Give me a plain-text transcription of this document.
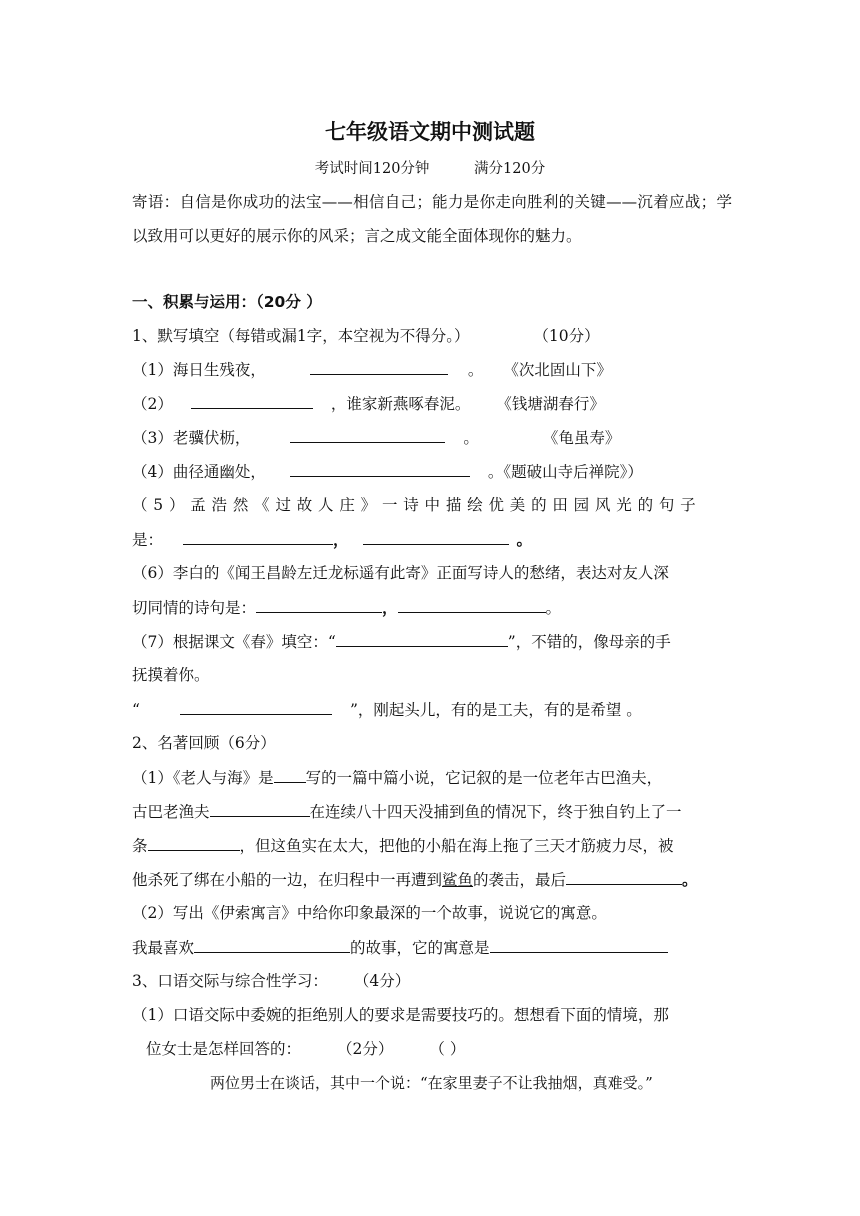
七年级语文期中测试题
考试时间120分钟	满分120分
寄语：自信是你成功的法宝——相信自己；能力是你走向胜利的关键——沉着应战；学以致用可以更好的展示你的风采；言之成文能全面体现你的魅力。
一、积累与运用：（20分 ）
1、默写填空（每错或漏1字，本空视为不得分。）	（10分）
（1）海日生残夜，	。 《次北固山下》
（2）	，谁家新燕啄春泥。 《钱塘湖春行》
（3）老骥伏枥，	。	《龟虽寿》
（4）曲径通幽处，	。《题破山寺后禅院》）
（5）孟浩然《过故人庄》一诗中描绘优美的田园风光的句子
是：	，	。
（6）李白的《闻王昌龄左迁龙标遥有此寄》正面写诗人的愁绪，表达对友人深
切同情的诗句是：	，	。
（7）根据课文《春》填空：“	”，不错的，像母亲的手
抚摸着你。
“	”，刚起头儿，有的是工夫，有的是希望 。
2、名著回顾（6分）
（1）《老人与海》是 写的一篇中篇小说，它记叙的是一位老年古巴渔夫，
古巴老渔夫	在连续八十四天没捕到鱼的情况下，终于独自钓上了一
条	，但这鱼实在太大，把他的小船在海上拖了三天才筋疲力尽，被
他杀死了绑在小船的一边，在归程中一再遭到鲨鱼的袭击，最后	。
（2）写出《伊索寓言》中给你印象最深的一个故事，说说它的寓意。
我最喜欢	的故事，它的寓意是
3、口语交际与综合性学习： （4分）
（1）口语交际中委婉的拒绝别人的要求是需要技巧的。想想看下面的情境，那
位女士是怎样回答的： （2分） （ ）
两位男士在谈话，其中一个说：“在家里妻子不让我抽烟，真难受。”
